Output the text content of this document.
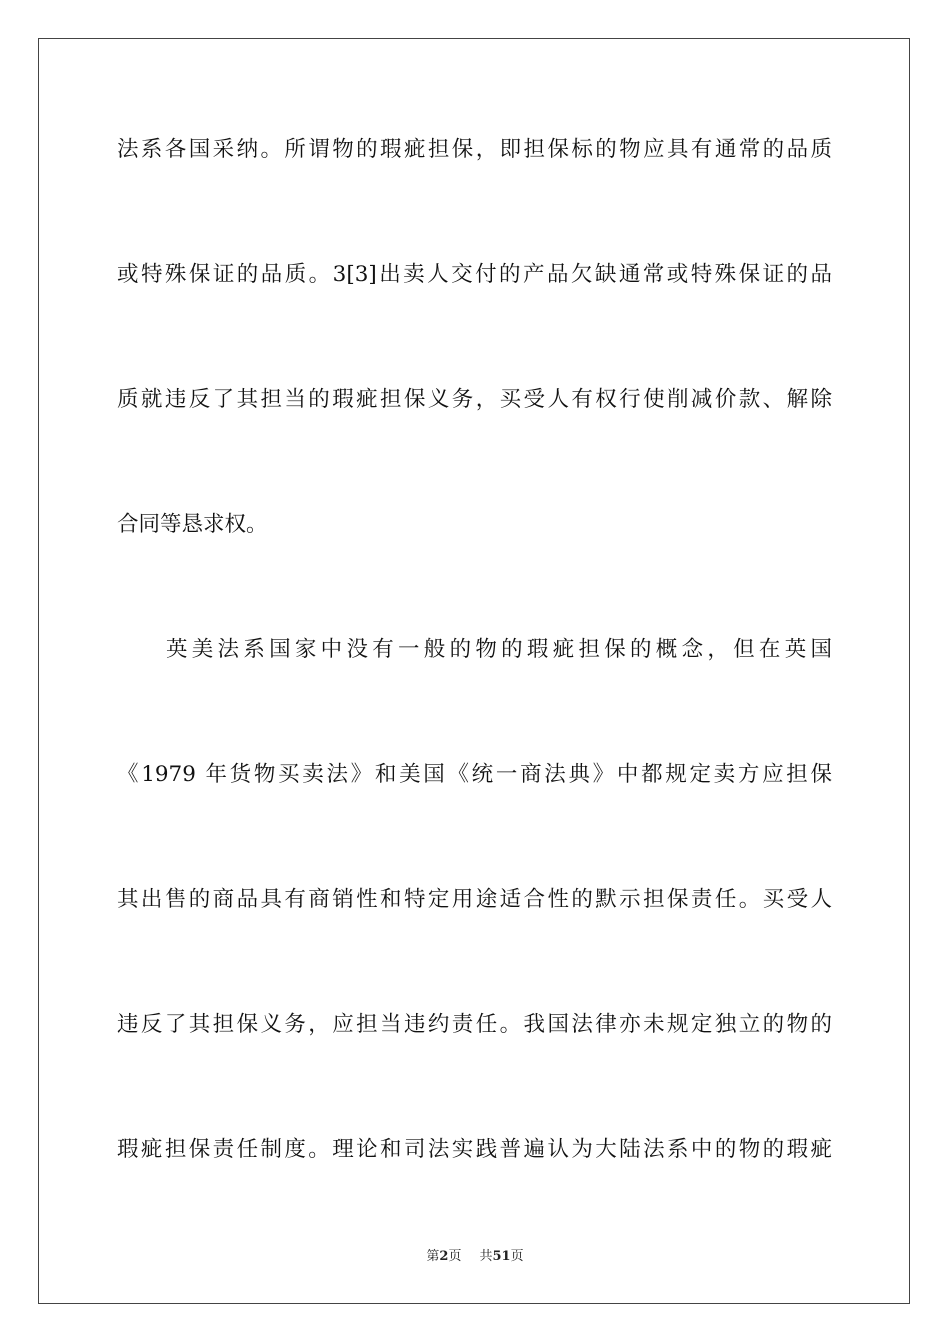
法系各国采纳。所谓物的瑕疵担保，即担保标的物应具有通常的品质
或特殊保证的品质。3[3]出卖人交付的产品欠缺通常或特殊保证的品
质就违反了其担当的瑕疵担保义务，买受人有权行使削减价款、解除
合同等恳求权。
英美法系国家中没有一般的物的瑕疵担保的概念，但在英国
《1979 年货物买卖法》和美国《统一商法典》中都规定卖方应担保
其出售的商品具有商销性和特定用途适合性的默示担保责任。买受人
违反了其担保义务，应担当违约责任。我国法律亦未规定独立的物的
瑕疵担保责任制度。理论和司法实践普遍认为大陆法系中的物的瑕疵
第2页 共51页
